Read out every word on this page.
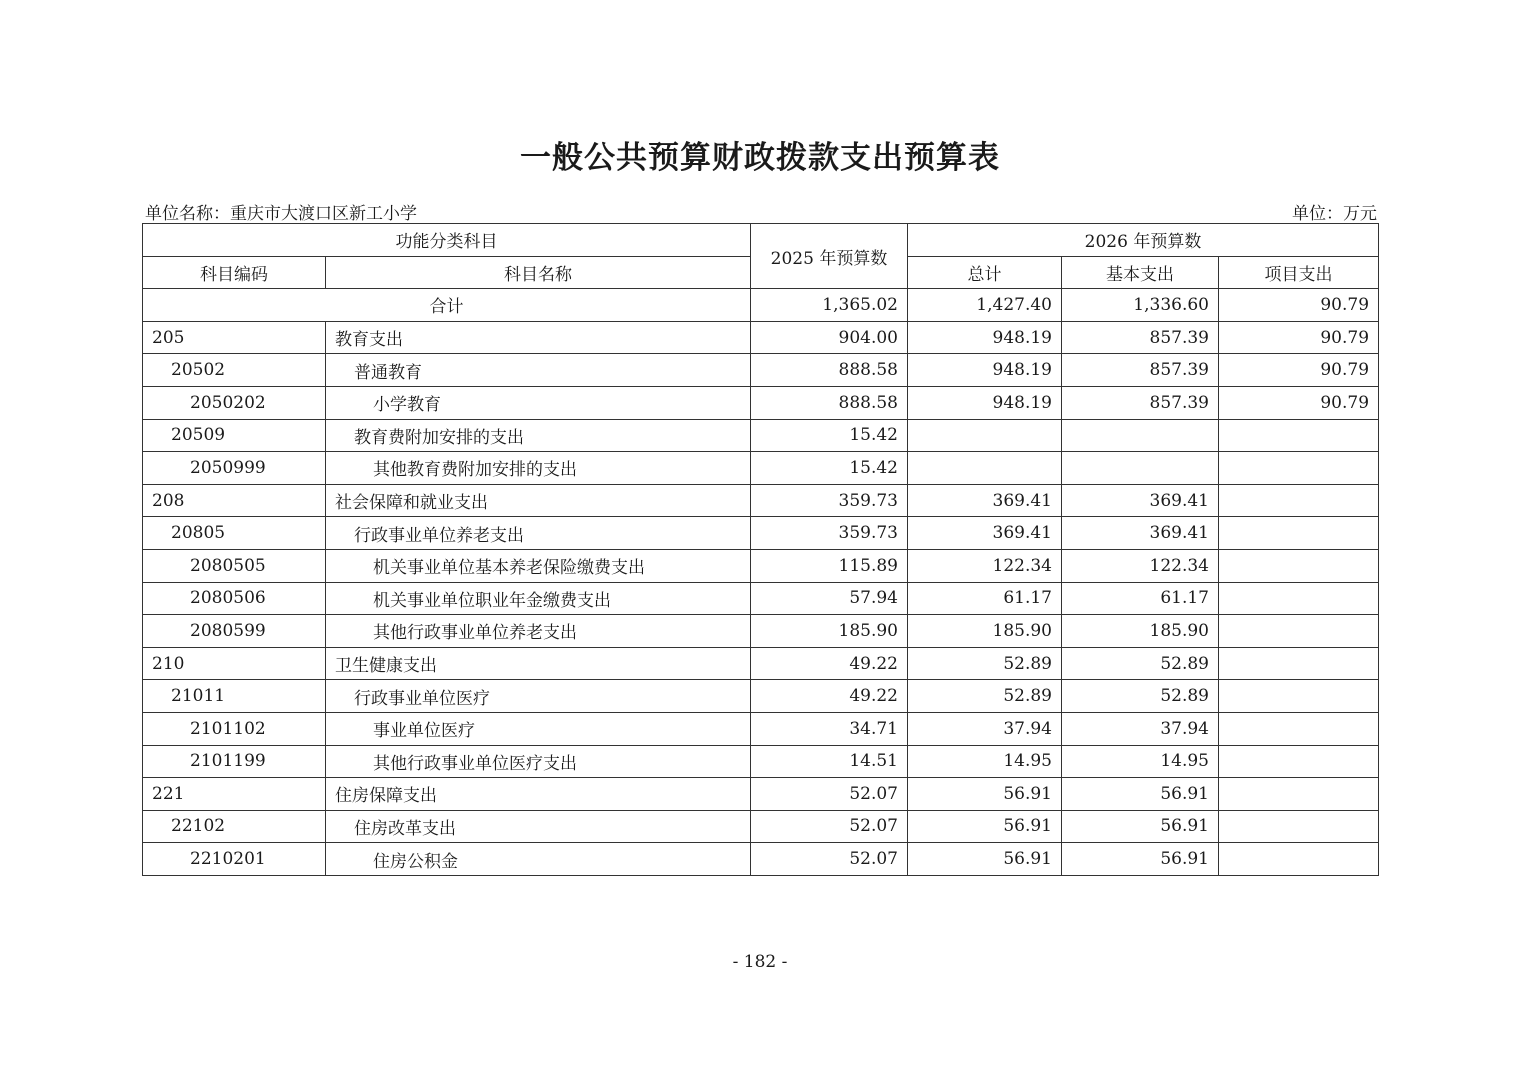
一般公共预算财政拨款支出预算表
单位名称：重庆市大渡口区新工小学	单位：万元
功能分类科目		2025 年预算数	2026 年预算数		
科目编码	科目名称		总计	基本支出	项目支出
合计		1,365.02	1,427.40	1,336.60	90.79
205	教育支出	904.00	948.19	857.39	90.79
20502	普通教育	888.58	948.19	857.39	90.79
2050202	小学教育	888.58	948.19	857.39	90.79
20509	教育费附加安排的支出	15.42			
2050999	其他教育费附加安排的支出	15.42			
208	社会保障和就业支出	359.73	369.41	369.41	
20805	行政事业单位养老支出	359.73	369.41	369.41	
2080505	机关事业单位基本养老保险缴费支出	115.89	122.34	122.34	
2080506	机关事业单位职业年金缴费支出	57.94	61.17	61.17	
2080599	其他行政事业单位养老支出	185.90	185.90	185.90	
210	卫生健康支出	49.22	52.89	52.89	
21011	行政事业单位医疗	49.22	52.89	52.89	
2101102	事业单位医疗	34.71	37.94	37.94	
2101199	其他行政事业单位医疗支出	14.51	14.95	14.95	
221	住房保障支出	52.07	56.91	56.91	
22102	住房改革支出	52.07	56.91	56.91	
2210201	住房公积金	52.07	56.91	56.91	
- 182 -
